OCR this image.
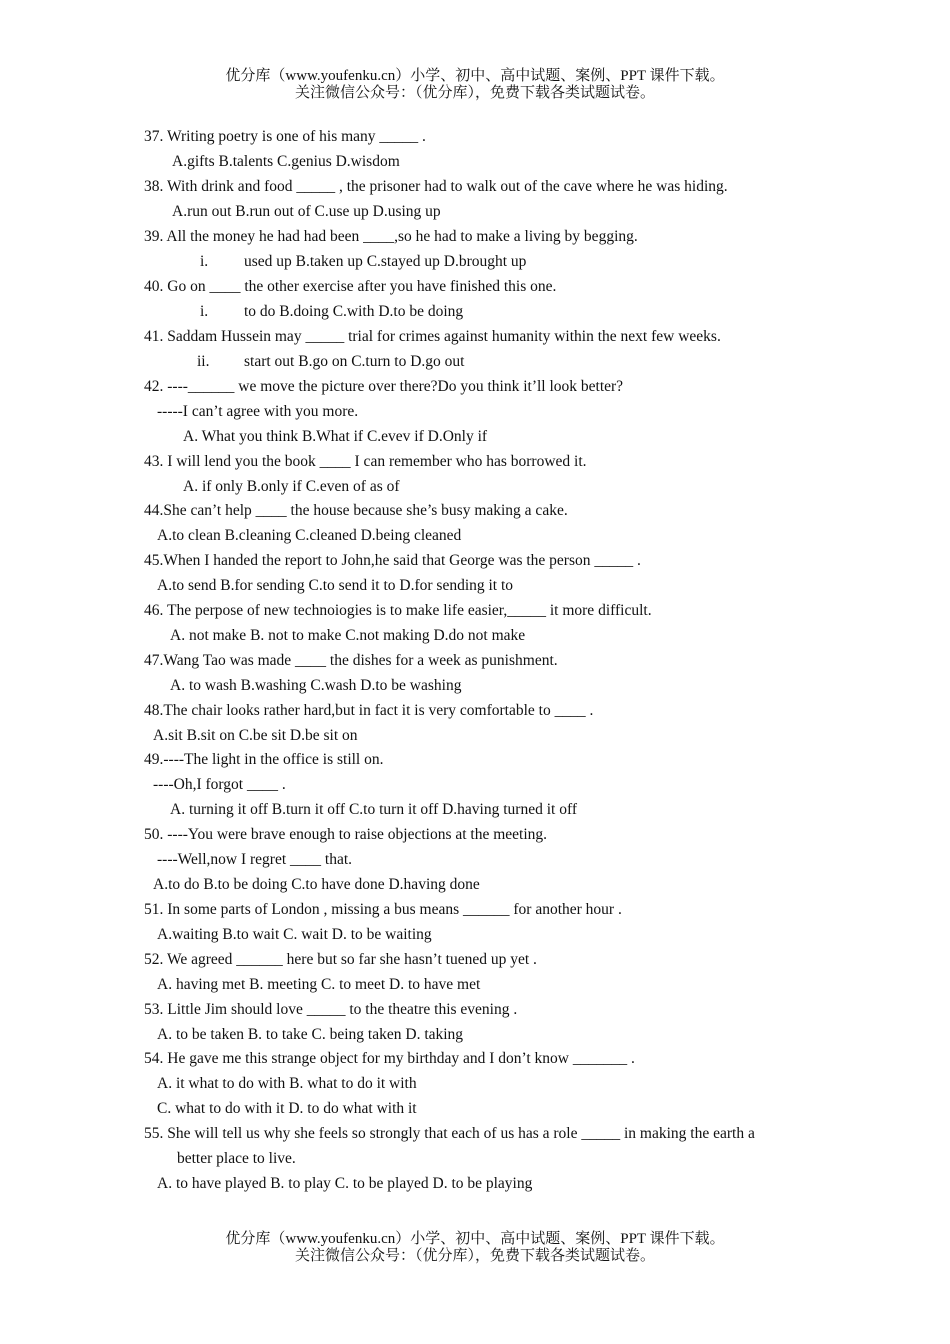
优分库（www.youfenku.cn）小学、初中、高中试题、案例、PPT 课件下载。
关注微信公众号：（优分库），免费下载各类试题试卷。
37. Writing poetry is one of his many _____ .
A.gifts B.talents C.genius D.wisdom
38. With drink and food _____ , the prisoner had to walk out of the cave where he was hiding.
A.run out B.run out of C.use up D.using up
39. All the money he had had been ____,so he had to make a living by begging.
i. used up B.taken up C.stayed up D.brought up
40. Go on ____ the other exercise after you have finished this one.
i. to do B.doing C.with D.to be doing
41. Saddam Hussein may _____ trial for crimes against humanity within the next few weeks.
ii. start out B.go on C.turn to D.go out
42. ----______ we move the picture over there?Do you think it’ll look better?
-----I can’t agree with you more.
A. What you think B.What if C.evev if D.Only if
43. I will lend you the book ____ I can remember who has borrowed it.
A. if only B.only if C.even of as of
44.She can’t help ____ the house because she’s busy making a cake.
A.to clean B.cleaning C.cleaned D.being cleaned
45.When I handed the report to John,he said that George was the person _____ .
A.to send B.for sending C.to send it to D.for sending it to
46. The perpose of new technoiogies is to make life easier,_____ it more difficult.
A. not make B. not to make C.not making D.do not make
47.Wang Tao was made ____ the dishes for a week as punishment.
A. to wash B.washing C.wash D.to be washing
48.The chair looks rather hard,but in fact it is very comfortable to ____ .
A.sit B.sit on C.be sit D.be sit on
49.----The light in the office is still on.
----Oh,I forgot ____ .
A. turning it off B.turn it off C.to turn it off D.having turned it off
50. ----You were brave enough to raise objections at the meeting.
----Well,now I regret ____ that.
A.to do B.to be doing C.to have done D.having done
51. In some parts of London , missing a bus means ______ for another hour .
A.waiting B.to wait C. wait D. to be waiting
52. We agreed ______ here but so far she hasn’t tuened up yet .
A. having met B. meeting C. to meet D. to have met
53. Little Jim should love _____ to the theatre this evening .
A. to be taken B. to take C. being taken D. taking
54. He gave me this strange object for my birthday and I don’t know _______ .
A. it what to do with B. what to do it with
C. what to do with it D. to do what with it
55. She will tell us why she feels so strongly that each of us has a role _____ in making the earth a
better place to live.
A. to have played B. to play C. to be played D. to be playing
优分库（www.youfenku.cn）小学、初中、高中试题、案例、PPT 课件下载。
关注微信公众号：（优分库），免费下载各类试题试卷。
